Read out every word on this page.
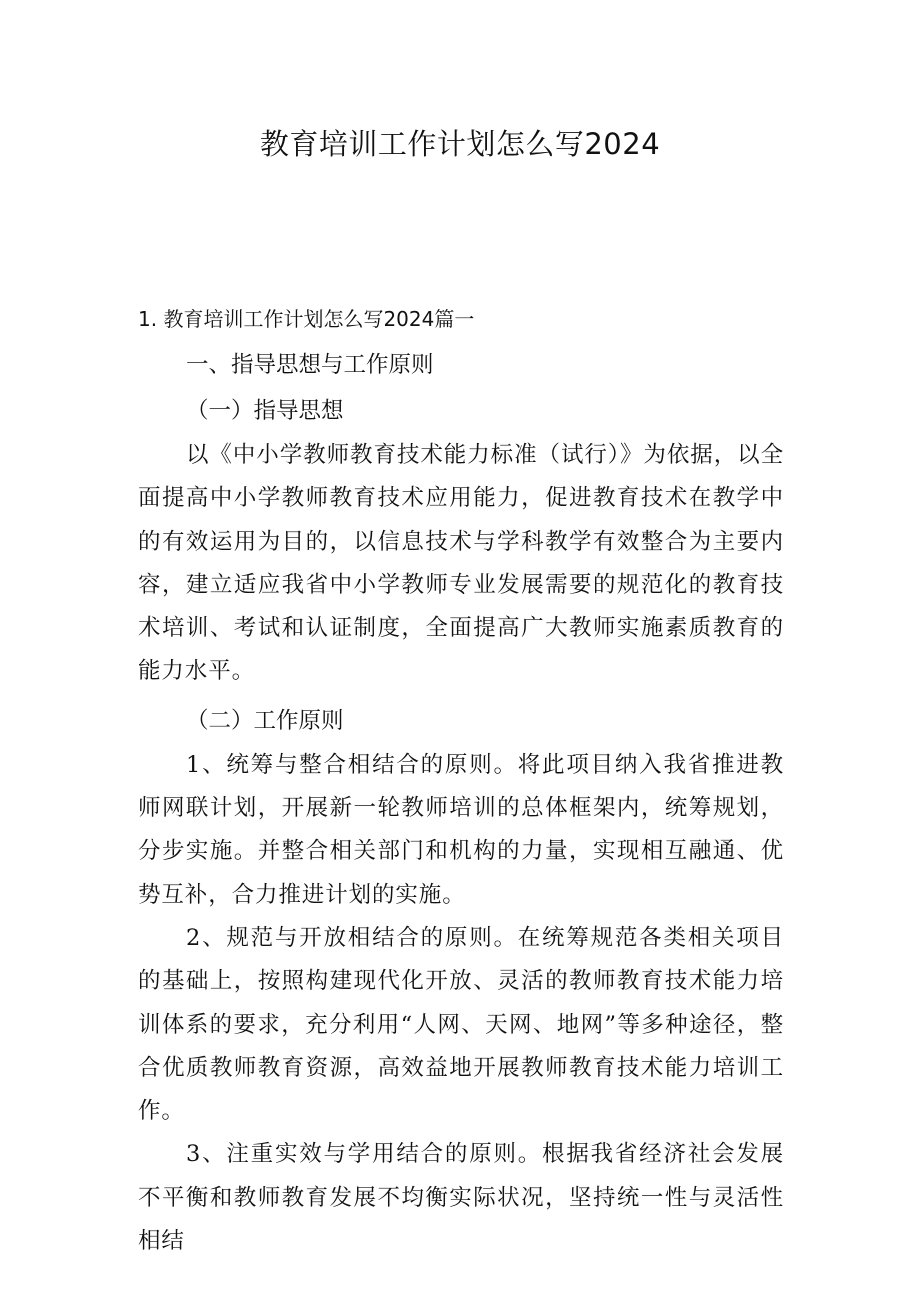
教育培训工作计划怎么写2024

1. 教育培训工作计划怎么写2024篇一

一、指导思想与工作原则

（一）指导思想

以《中小学教师教育技术能力标准（试行）》为依据，以全面提高中小学教师教育技术应用能力，促进教育技术在教学中的有效运用为目的，以信息技术与学科教学有效整合为主要内容，建立适应我省中小学教师专业发展需要的规范化的教育技术培训、考试和认证制度，全面提高广大教师实施素质教育的能力水平。

（二）工作原则

1、统筹与整合相结合的原则。将此项目纳入我省推进教师网联计划，开展新一轮教师培训的总体框架内，统筹规划，分步实施。并整合相关部门和机构的力量，实现相互融通、优势互补，合力推进计划的实施。

2、规范与开放相结合的原则。在统筹规范各类相关项目的基础上，按照构建现代化开放、灵活的教师教育技术能力培训体系的要求，充分利用“人网、天网、地网”等多种途径，整合优质教师教育资源，高效益地开展教师教育技术能力培训工作。

3、注重实效与学用结合的原则。根据我省经济社会发展不平衡和教师教育发展不均衡实际状况，坚持统一性与灵活性相结
